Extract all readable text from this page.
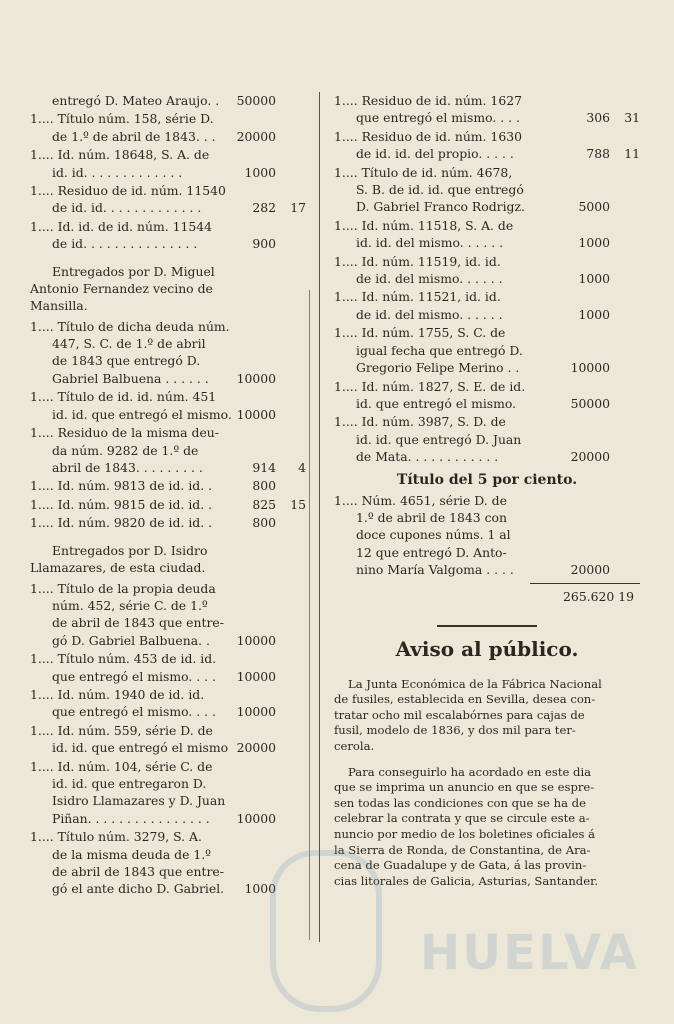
entregó D. Mateo Araujo. .	50000
1.... Título núm. 158, série D.
de 1.º de abril de 1843. . .	20000
1.... Id. núm. 18648, S. A. de
id. id. . . . . . . . . . . . .	1000
1.... Residuo de id. núm. 11540
de id. id. . . . . . . . . . . . .	282 17
1.... Id. id. de id. núm. 11544
de id. . . . . . . . . . . . . . .	900
Entregados por D. Miguel
Antonio Fernandez vecino de
Mansilla.
1.... Título de dicha deuda núm.
447, S. C. de 1.º de abril
de 1843 que entregó D.
Gabriel Balbuena . . . . . .	10000
1.... Título de id. id. núm. 451
id. id. que entregó el mismo. 10000
1.... Residuo de la misma deu-
da núm. 9282 de 1.º de
abril de 1843. . . . . . . . .	914 4
1.... Id. núm. 9813 de id. id. .	800
1.... Id. núm. 9815 de id. id. .	825 15
1.... Id. núm. 9820 de id. id. .	800
Entregados por D. Isidro
Llamazares, de esta ciudad.
1.... Título de la propia deuda
núm. 452, série C. de 1.º
de abril de 1843 que entre-
gó D. Gabriel Balbuena. .	10000
1.... Título núm. 453 de id. id.
que entregó el mismo. . . .	10000
1.... Id. núm. 1940 de id. id.
que entregó el mismo. . . .	10000
1.... Id. núm. 559, série D. de
id. id. que entregó el mismo 20000
1.... Id. núm. 104, série C. de
id. id. que entregaron D.
Isidro Llamazares y D. Juan
Piñan. . . . . . . . . . . . . . . .	10000
1.... Título núm. 3279, S. A.
de la misma deuda de 1.º
de abril de 1843 que entre-
gó el ante dicho D. Gabriel.	1000
1.... Residuo de id. núm. 1627
que entregó el mismo. . . .	306 31
1.... Residuo de id. núm. 1630
de id. id. del propio. . . . .	788 11
1.... Título de id. núm. 4678,
S. B. de id. id. que entregó
D. Gabriel Franco Rodrigz.	5000
1.... Id. núm. 11518, S. A. de
id. id. del mismo. . . . . .	1000
1.... Id. núm. 11519, id. id.
de id. del mismo. . . . . .	1000
1.... Id. núm. 11521, id. id.
de id. del mismo. . . . . .	1000
1.... Id. núm. 1755, S. C. de
igual fecha que entregó D.
Gregorio Felipe Merino . .	10000
1.... Id. núm. 1827, S. E. de id.
id. que entregó el mismo.	50000
1.... Id. núm. 3987, S. D. de
id. id. que entregó D. Juan
de Mata. . . . . . . . . . . .	20000
Título del 5 por ciento.
1.... Núm. 4651, série D. de
1.º de abril de 1843 con
doce cupones núms. 1 al
12 que entregó D. Anto-
nino María Valgoma . . . .	20000
265.620 19
Aviso al público.
La Junta Económica de la Fábrica Nacional
de fusiles, establecida en Sevilla, desea con-
tratar ocho mil escalabórnes para cajas de
fusil, modelo de 1836, y dos mil para ter-
cerola.
Para conseguirlo ha acordado en este dia
que se imprima un anuncio en que se espre-
sen todas las condiciones con que se ha de
celebrar la contrata y que se circule este a-
nuncio por medio de los boletines oficiales á
la Sierra de Ronda, de Constantina, de Ara-
cena de Guadalupe y de Gata, á las provin-
cias litorales de Galicia, Asturias, Santander.
HUELVA
